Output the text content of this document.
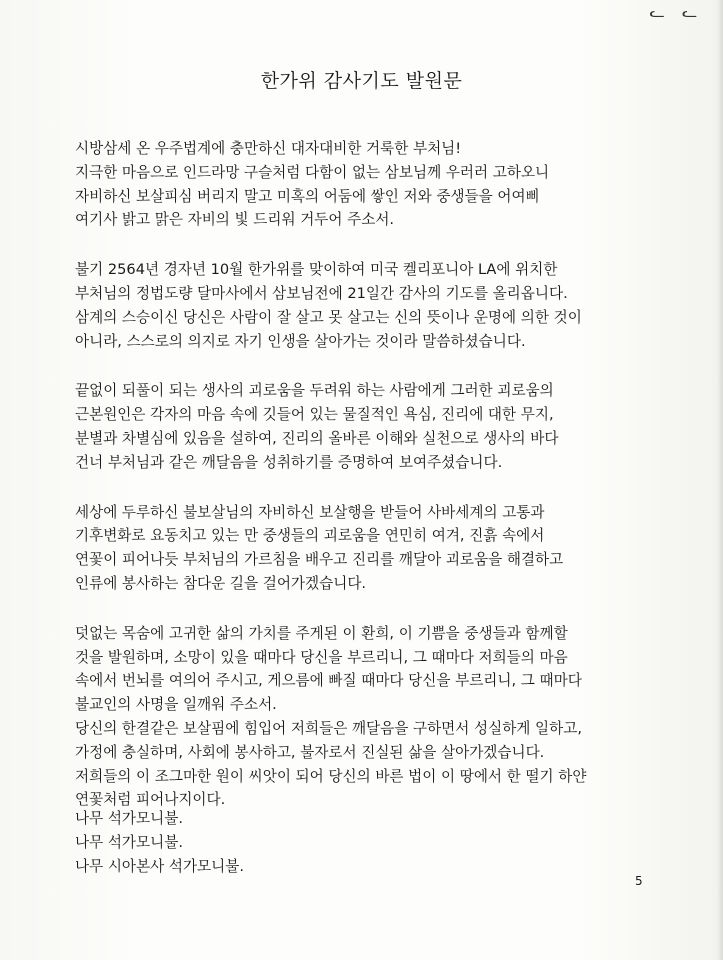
ᓚ ᓚ
한가위 감사기도 발원문
시방삼세 온 우주법계에 충만하신 대자대비한 거룩한 부처님!
지극한 마음으로 인드라망 구슬처럼 다함이 없는 삼보님께 우러러 고하오니
자비하신 보살피심 버리지 말고 미혹의 어둠에 쌓인 저와 중생들을 어여삐
여기사 밝고 맑은 자비의 빛 드리워 거두어 주소서.
불기 2564년 경자년 10월 한가위를 맞이하여 미국 켈리포니아 LA에 위치한
부처님의 정법도량 달마사에서 삼보님전에 21일간 감사의 기도를 올리옵니다.
삼계의 스승이신 당신은 사람이 잘 살고 못 살고는 신의 뜻이나 운명에 의한 것이
아니라, 스스로의 의지로 자기 인생을 살아가는 것이라 말씀하셨습니다.
끝없이 되풀이 되는 생사의 괴로움을 두려워 하는 사람에게 그러한 괴로움의
근본원인은 각자의 마음 속에 깃들어 있는 물질적인 욕심, 진리에 대한 무지,
분별과 차별심에 있음을 설하여, 진리의 올바른 이해와 실천으로 생사의 바다
건너 부처님과 같은 깨달음을 성취하기를 증명하여 보여주셨습니다.
세상에 두루하신 불보살님의 자비하신 보살행을 받들어 사바세계의 고통과
기후변화로 요동치고 있는 만 중생들의 괴로움을 연민히 여겨, 진흙 속에서
연꽃이 피어나듯 부처님의 가르침을 배우고 진리를 깨달아 괴로움을 해결하고
인류에 봉사하는 참다운 길을 걸어가겠습니다.
덧없는 목숨에 고귀한 삶의 가치를 주게된 이 환희, 이 기쁨을 중생들과 함께할
것을 발원하며, 소망이 있을 때마다 당신을 부르리니, 그 때마다 저희들의 마음
속에서 번뇌를 여의어 주시고, 게으름에 빠질 때마다 당신을 부르리니, 그 때마다
불교인의 사명을 일깨워 주소서.
당신의 한결같은 보살핌에 힘입어 저희들은 깨달음을 구하면서 성실하게 일하고,
가정에 충실하며, 사회에 봉사하고, 불자로서 진실된 삶을 살아가겠습니다.
저희들의 이 조그마한 원이 씨앗이 되어 당신의 바른 법이 이 땅에서 한 떨기 하얀
연꽃처럼 피어나지이다.
나무 석가모니불.
나무 석가모니불.
나무 시아본사 석가모니불.
5
